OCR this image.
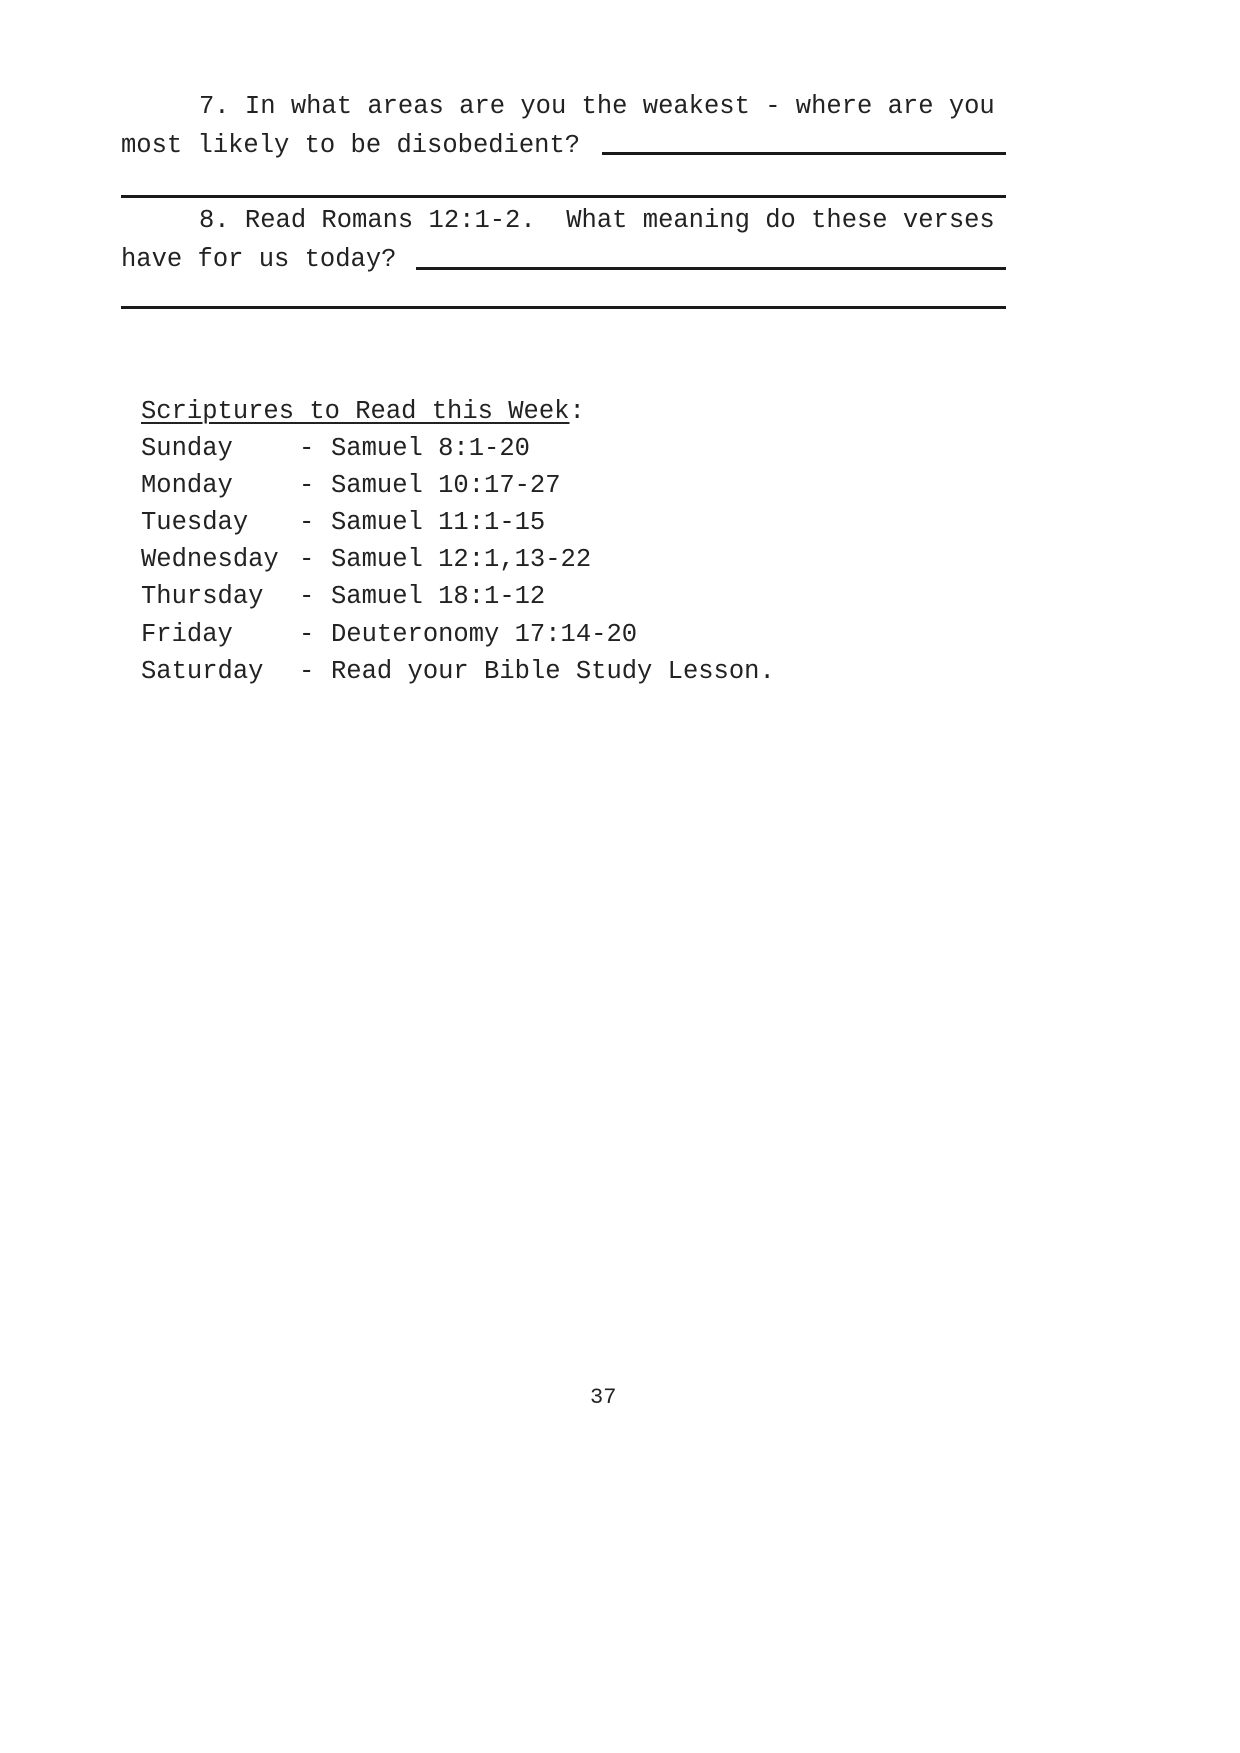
7. In what areas are you the weakest - where are you
most likely to be disobedient?
8. Read Romans 12:1-2.  What meaning do these verses
have for us today?
Scriptures to Read this Week:
Sunday	- Samuel 8:1-20
Monday	- Samuel 10:17-27
Tuesday - Samuel 11:1-15
Wednesday - Samuel 12:1,13-22
Thursday - Samuel 18:1-12
Friday	- Deuteronomy 17:14-20
Saturday - Read your Bible Study Lesson.
37
